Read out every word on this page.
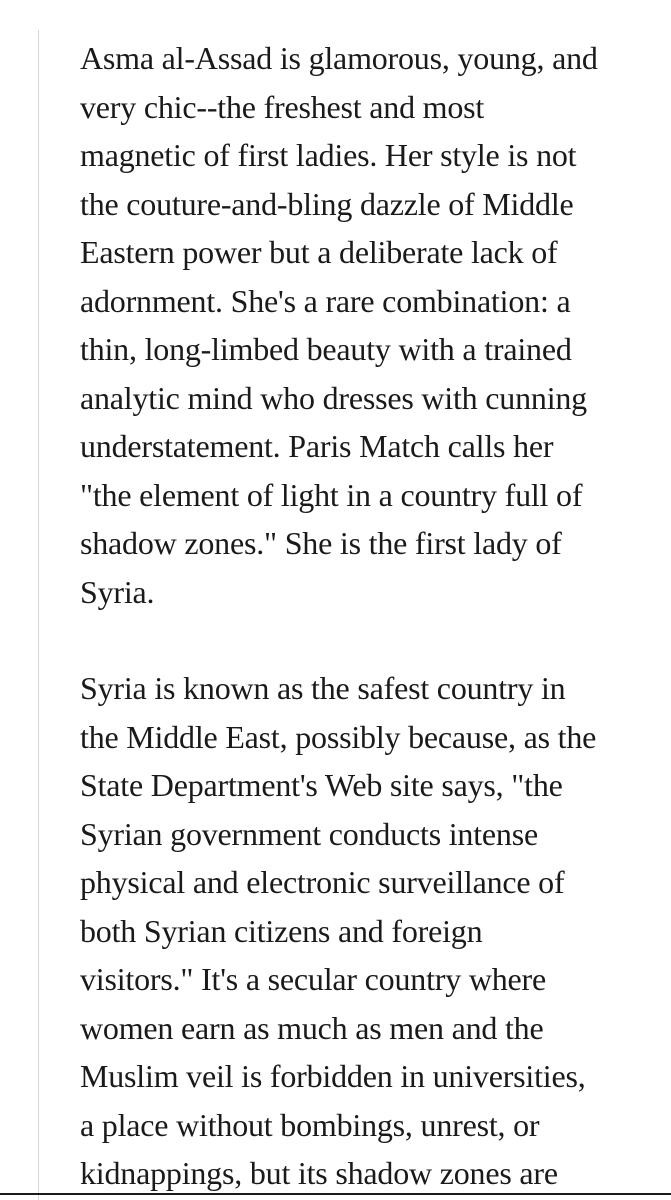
Asma al-Assad is glamorous, young, and
very chic--the freshest and most
magnetic of first ladies. Her style is not
the couture-and-bling dazzle of Middle
Eastern power but a deliberate lack of
adornment. She's a rare combination: a
thin, long-limbed beauty with a trained
analytic mind who dresses with cunning
understatement. Paris Match calls her
"the element of light in a country full of
shadow zones." She is the first lady of
Syria.

Syria is known as the safest country in
the Middle East, possibly because, as the
State Department's Web site says, "the
Syrian government conducts intense
physical and electronic surveillance of
both Syrian citizens and foreign
visitors." It's a secular country where
women earn as much as men and the
Muslim veil is forbidden in universities,
a place without bombings, unrest, or
kidnappings, but its shadow zones are
